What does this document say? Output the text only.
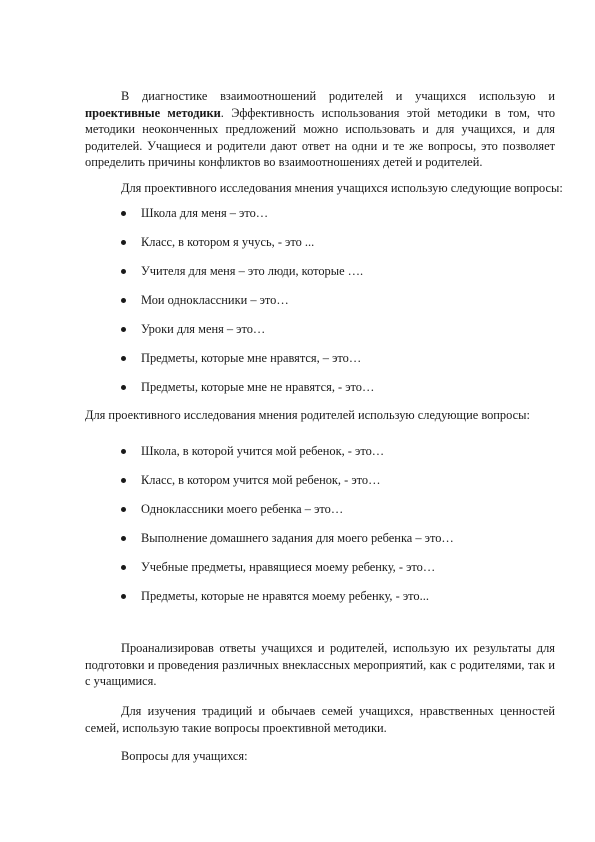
В диагностике взаимоотношений родителей и учащихся использую и проективные методики. Эффективность использования этой методики в том, что методики неоконченных предложений можно использовать и для учащихся, и для родителей. Учащиеся и родители дают ответ на одни и те же вопросы, это позволяет определить причины конфликтов во взаимоотношениях детей и родителей.

Для проективного исследования мнения учащихся использую следующие вопросы:

Школа для меня – это…
Класс, в котором я учусь, - это ...
Учителя для меня – это люди, которые ….
Мои одноклассники – это…
Уроки для меня – это…
Предметы, которые мне нравятся, – это…
Предметы, которые мне не нравятся, - это…

Для проективного исследования мнения родителей использую следующие вопросы:

Школа, в которой учится мой ребенок, - это…
Класс, в котором учится мой ребенок, - это…
Одноклассники моего ребенка – это…
Выполнение домашнего задания для моего ребенка – это…
Учебные предметы, нравящиеся моему ребенку, - это…
Предметы, которые не нравятся моему ребенку, - это...

Проанализировав ответы учащихся и родителей, использую их результаты для подготовки и проведения различных внеклассных мероприятий, как с родителями, так и с учащимися.

Для изучения традиций и обычаев семей учащихся, нравственных ценностей семей, использую такие вопросы проективной методики.

Вопросы для учащихся:
